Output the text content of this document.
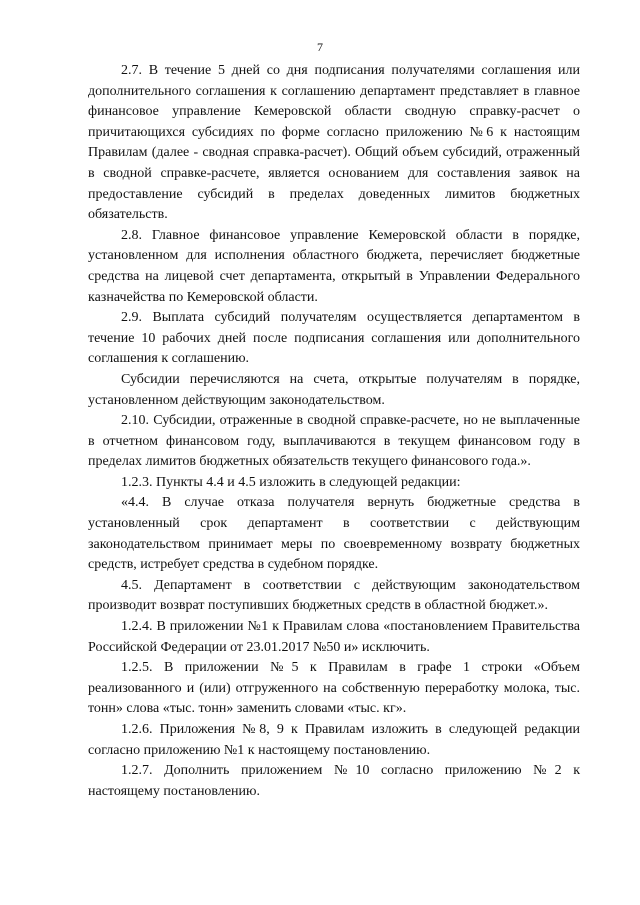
7

2.7. В течение 5 дней со дня подписания получателями соглашения или дополнительного соглашения к соглашению департамент представляет в главное финансовое управление Кемеровской области сводную справку-расчет о причитающихся субсидиях по форме согласно приложению №6 к настоящим Правилам (далее - сводная справка-расчет). Общий объем субсидий, отраженный в сводной справке-расчете, является основанием для составления заявок на предоставление субсидий в пределах доведенных лимитов бюджетных обязательств.

2.8. Главное финансовое управление Кемеровской области в порядке, установленном для исполнения областного бюджета, перечисляет бюджетные средства на лицевой счет департамента, открытый в Управлении Федерального казначейства по Кемеровской области.

2.9. Выплата субсидий получателям осуществляется департаментом в течение 10 рабочих дней после подписания соглашения или дополнительного соглашения к соглашению.

Субсидии перечисляются на счета, открытые получателям в порядке, установленном действующим законодательством.

2.10. Субсидии, отраженные в сводной справке-расчете, но не выплаченные в отчетном финансовом году, выплачиваются в текущем финансовом году в пределах лимитов бюджетных обязательств текущего финансового года.».

1.2.3. Пункты 4.4 и 4.5 изложить в следующей редакции:

«4.4. В случае отказа получателя вернуть бюджетные средства в установленный срок департамент в соответствии с действующим законодательством принимает меры по своевременному возврату бюджетных средств, истребует средства в судебном порядке.

4.5. Департамент в соответствии с действующим законодательством производит возврат поступивших бюджетных средств в областной бюджет.».

1.2.4. В приложении №1 к Правилам слова «постановлением Правительства Российской Федерации от 23.01.2017 №50 и» исключить.

1.2.5. В приложении №5 к Правилам в графе 1 строки «Объем реализованного и (или) отгруженного на собственную переработку молока, тыс. тонн» слова «тыс. тонн» заменить словами «тыс. кг».

1.2.6. Приложения №8, 9 к Правилам изложить в следующей редакции согласно приложению №1 к настоящему постановлению.

1.2.7. Дополнить приложением №10 согласно приложению №2 к настоящему постановлению.
